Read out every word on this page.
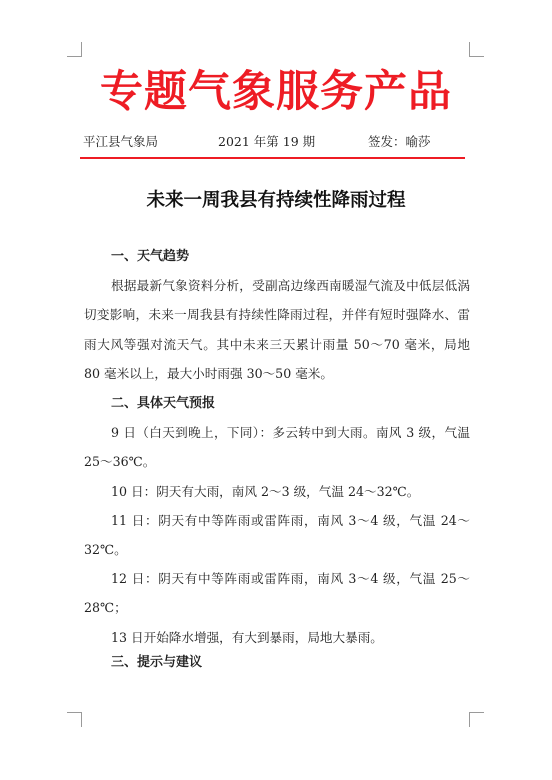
专题气象服务产品
平江县气象局	2021 年第 19 期	签发：喻莎
未来一周我县有持续性降雨过程

一、天气趋势

根据最新气象资料分析，受副高边缘西南暖湿气流及中低层低涡切变影响，未来一周我县有持续性降雨过程，并伴有短时强降水、雷雨大风等强对流天气。其中未来三天累计雨量 50～70 毫米，局地 80 毫米以上，最大小时雨强 30～50 毫米。

二、具体天气预报

9 日（白天到晚上，下同）：多云转中到大雨。南风 3 级，气温 25～36℃。

10 日：阴天有大雨，南风 2～3 级，气温 24～32℃。

11 日：阴天有中等阵雨或雷阵雨，南风 3～4 级，气温 24～32℃。

12 日：阴天有中等阵雨或雷阵雨，南风 3～4 级，气温 25～28℃；

13 日开始降水增强，有大到暴雨，局地大暴雨。

三、提示与建议
